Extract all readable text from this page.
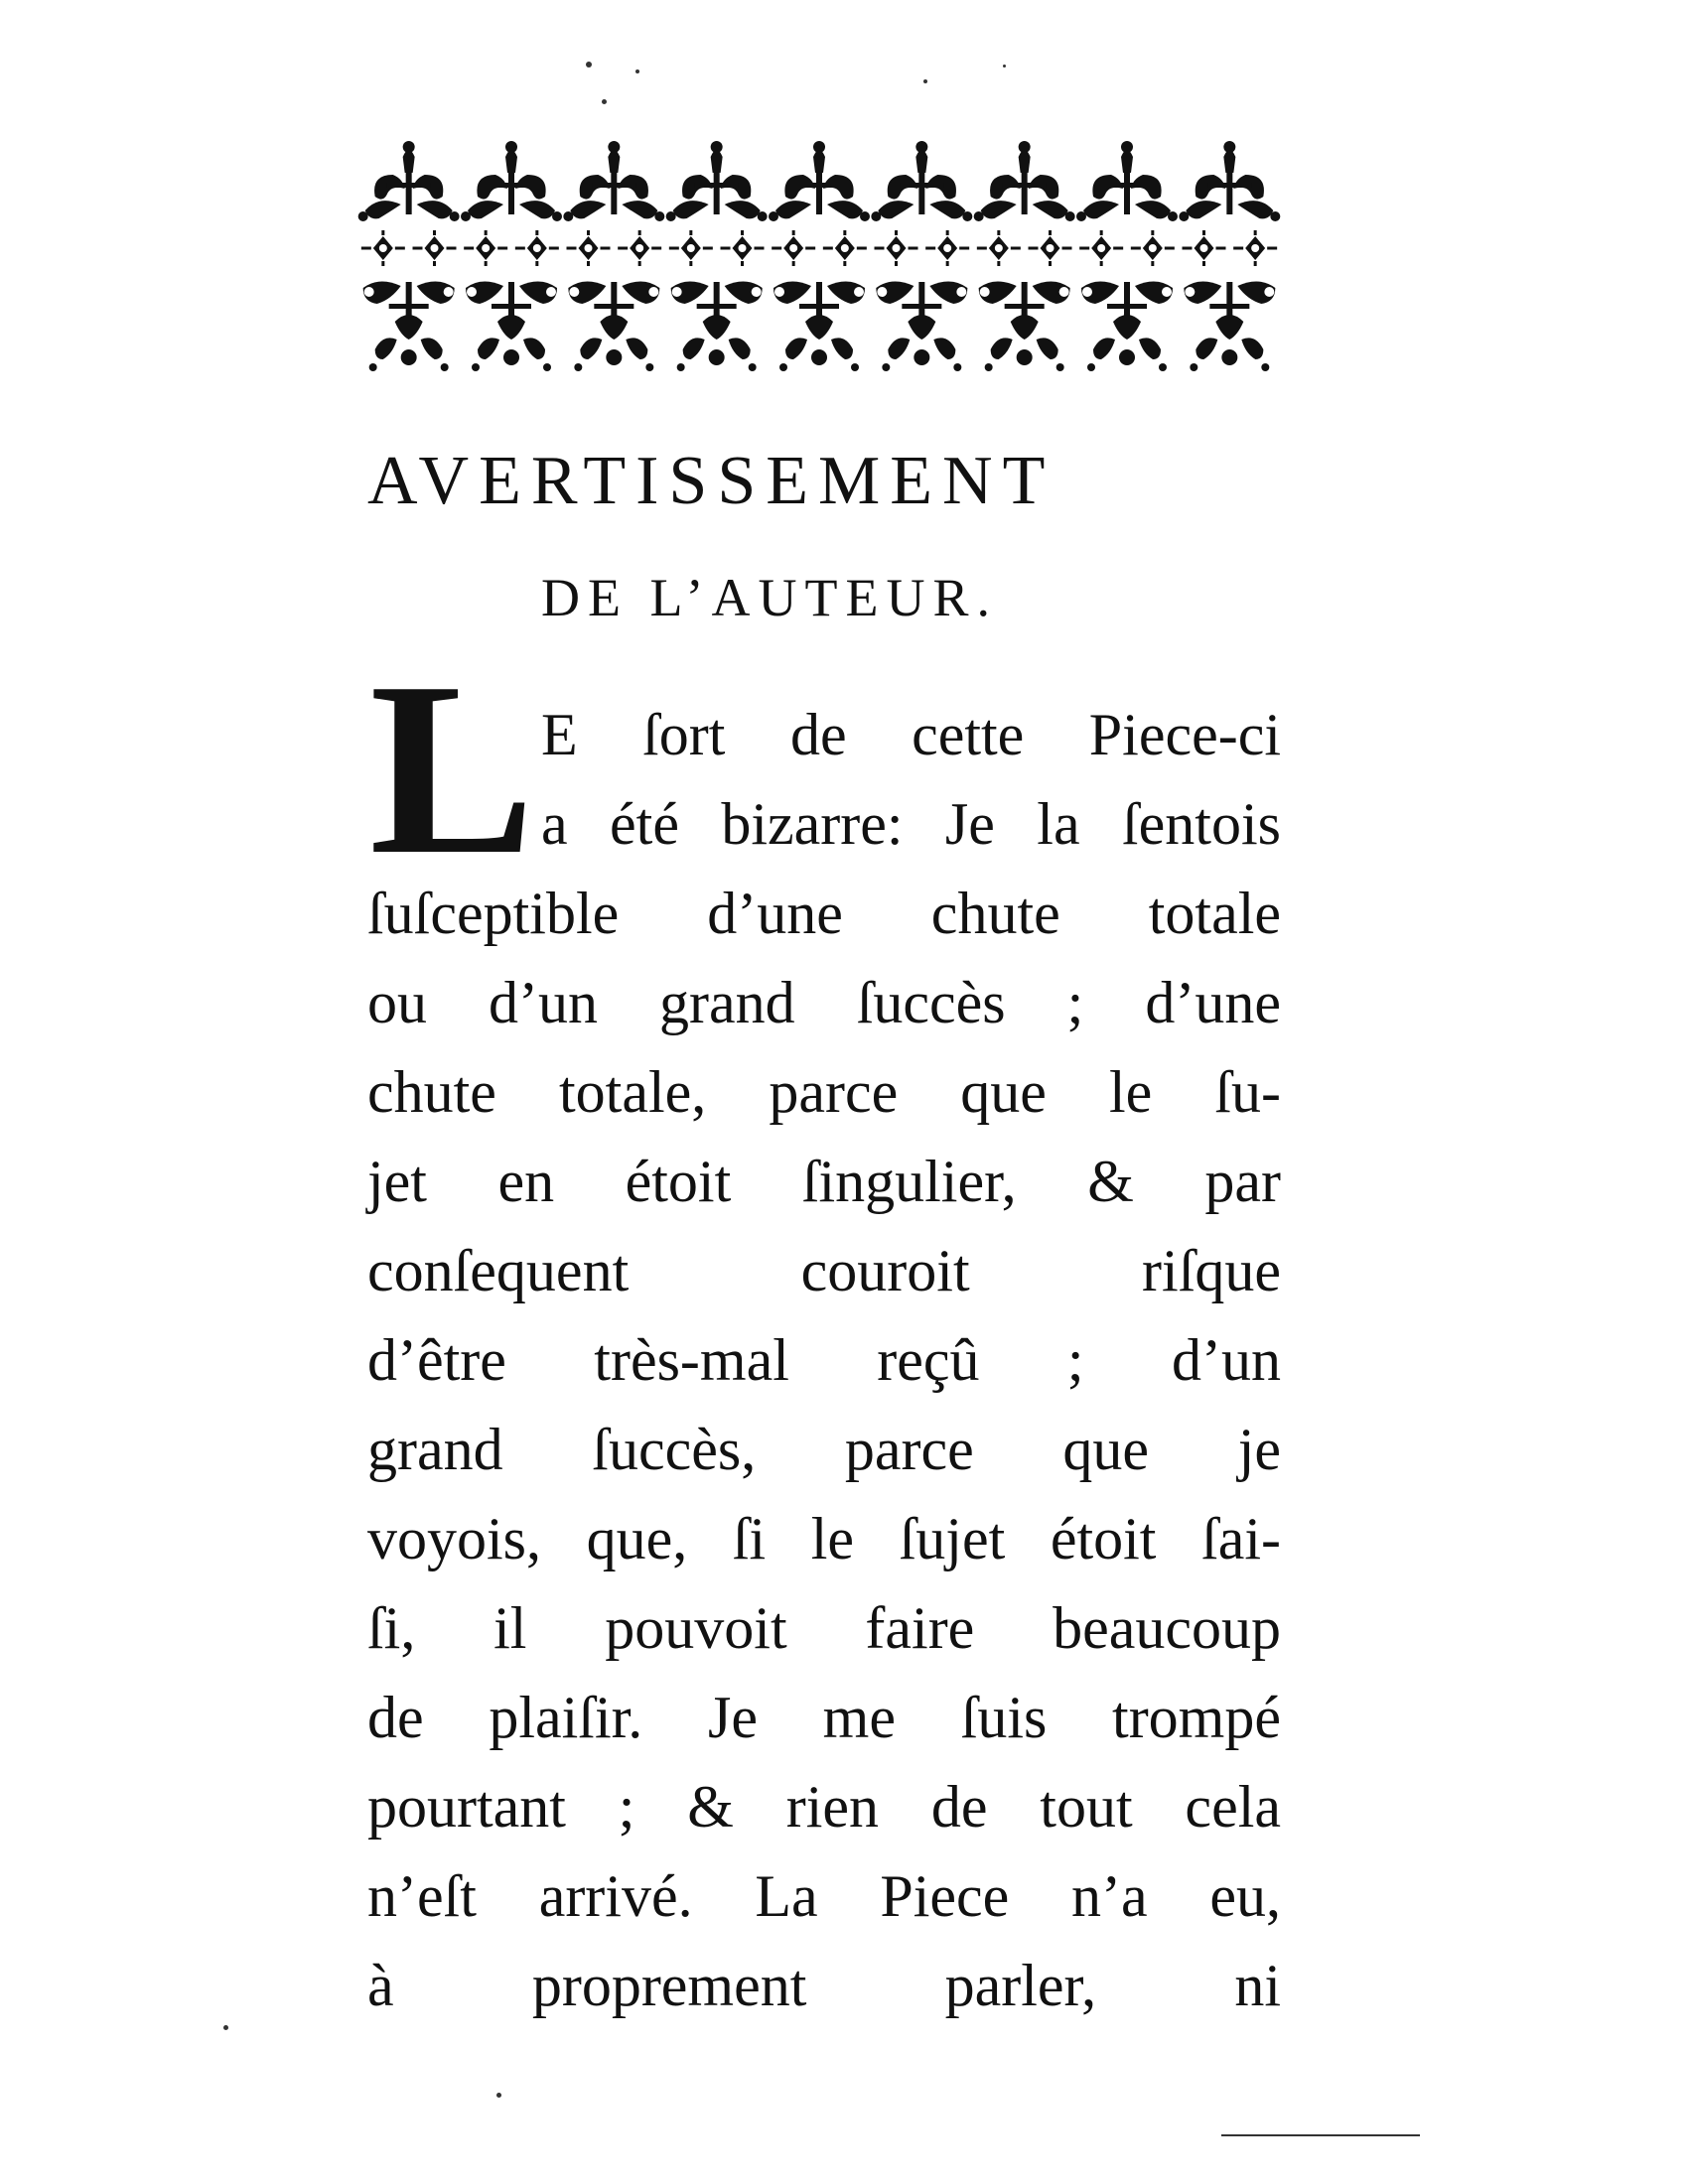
AVERTISSEMENT
DE L’AUTEUR.
L E ſort de cette Piece-ci
a été bizarre: Je la ſentois
ſuſceptible d’une chute totale
ou d’un grand ſuccès ; d’une
chute totale, parce que le ſu-
jet en étoit ſingulier, & par
conſequent couroit riſque
d’être très-mal reçû ; d’un
grand ſuccès, parce que je
voyois, que, ſi le ſujet étoit ſai-
ſi, il pouvoit faire beaucoup
de plaiſir. Je me ſuis trompé
pourtant ; & rien de tout cela
n’eſt arrivé. La Piece n’a eu,
à proprement parler, ni
